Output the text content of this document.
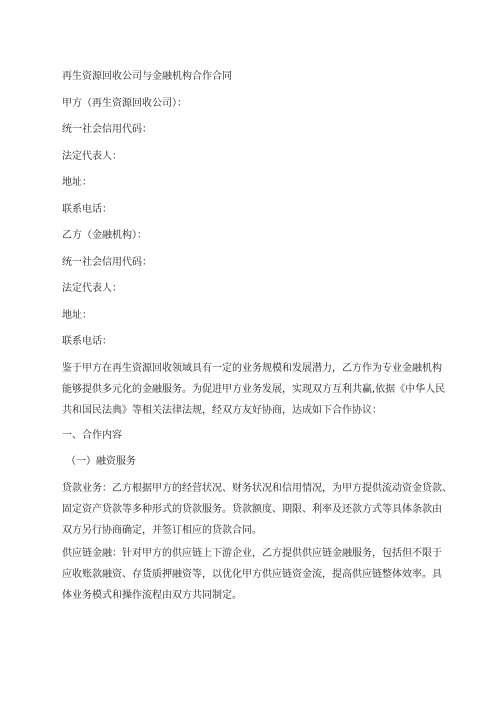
再生资源回收公司与金融机构合作合同
甲方（再生资源回收公司）：
统一社会信用代码：
法定代表人：
地址：
联系电话：
乙方（金融机构）：
统一社会信用代码：
法定代表人：
地址：
联系电话：
鉴于甲方在再生资源回收领域具有一定的业务规模和发展潜力，乙方作为专业金融机构
能够提供多元化的金融服务。为促进甲方业务发展，实现双方互利共赢,依据《中华人民
共和国民法典》等相关法律法规，经双方友好协商，达成如下合作协议：
一、合作内容
（一）融资服务
贷款业务：乙方根据甲方的经营状况、财务状况和信用情况，为甲方提供流动资金贷款、
固定资产贷款等多种形式的贷款服务。贷款额度、期限、利率及还款方式等具体条款由
双方另行协商确定，并签订相应的贷款合同。
供应链金融：针对甲方的供应链上下游企业，乙方提供供应链金融服务，包括但不限于
应收账款融资、存货质押融资等，以优化甲方供应链资金流，提高供应链整体效率。具
体业务模式和操作流程由双方共同制定。
